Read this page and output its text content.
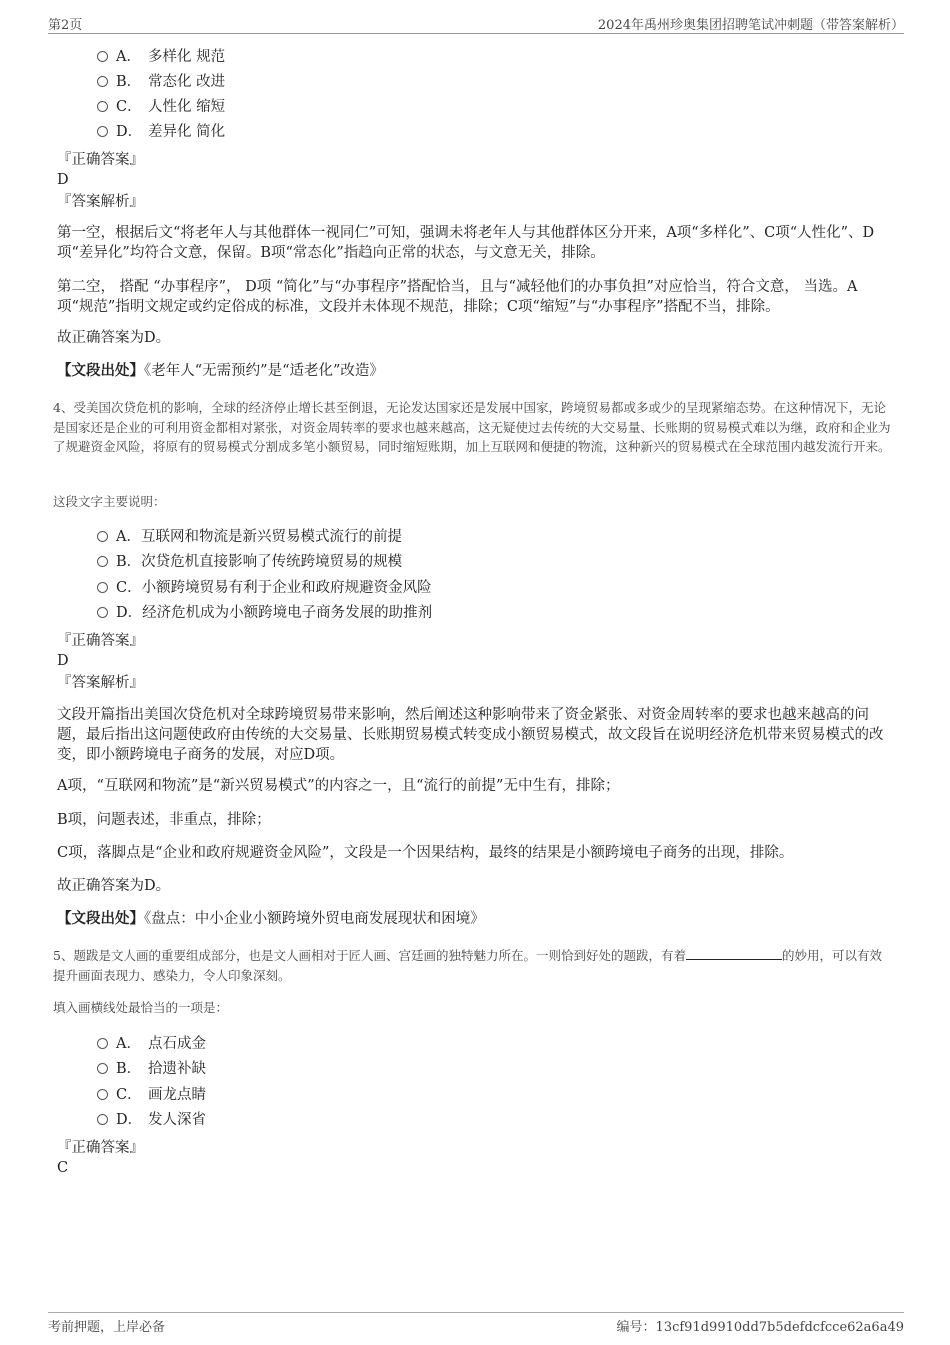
第2页	2024年禹州珍奥集团招聘笔试冲刺题（带答案解析）
A． 多样化 规范
B． 常态化 改进
C． 人性化 缩短
D． 差异化 简化
『正确答案』
D
『答案解析』
第一空，根据后文“将老年人与其他群体一视同仁”可知，强调未将老年人与其他群体区分开来，A项“多样化”、C项“人性化”、D项“差异化”均符合文意，保留。B项“常态化”指趋向正常的状态，与文意无关，排除。
第二空， 搭配 “办事程序”， D项 “简化”与“办事程序”搭配恰当，且与“减轻他们的办事负担”对应恰当，符合文意， 当选。A项“规范”指明文规定或约定俗成的标准，文段并未体现不规范，排除；C项“缩短”与“办事程序”搭配不当，排除。
故正确答案为D。
【文段出处】《老年人“无需预约”是“适老化”改造》
4、受美国次贷危机的影响，全球的经济停止增长甚至倒退，无论发达国家还是发展中国家，跨境贸易都或多或少的呈现紧缩态势。在这种情况下，无论是国家还是企业的可利用资金都相对紧张，对资金周转率的要求也越来越高，这无疑使过去传统的大交易量、长账期的贸易模式难以为继，政府和企业为了规避资金风险，将原有的贸易模式分割成多笔小额贸易，同时缩短账期，加上互联网和便捷的物流，这种新兴的贸易模式在全球范围内越发流行开来。
这段文字主要说明：
A．互联网和物流是新兴贸易模式流行的前提
B．次贷危机直接影响了传统跨境贸易的规模
C．小额跨境贸易有利于企业和政府规避资金风险
D．经济危机成为小额跨境电子商务发展的助推剂
『正确答案』
D
『答案解析』
文段开篇指出美国次贷危机对全球跨境贸易带来影响，然后阐述这种影响带来了资金紧张、对资金周转率的要求也越来越高的问题，最后指出这问题使政府由传统的大交易量、长账期贸易模式转变成小额贸易模式，故文段旨在说明经济危机带来贸易模式的改变，即小额跨境电子商务的发展，对应D项。
A项，“互联网和物流”是“新兴贸易模式”的内容之一，且“流行的前提”无中生有，排除；
B项，问题表述，非重点，排除；
C项，落脚点是“企业和政府规避资金风险”，文段是一个因果结构，最终的结果是小额跨境电子商务的出现，排除。
故正确答案为D。
【文段出处】《盘点：中小企业小额跨境外贸电商发展现状和困境》
5、题跋是文人画的重要组成部分，也是文人画相对于匠人画、宫廷画的独特魅力所在。一则恰到好处的题跋，有着	的妙用，可以有效提升画面表现力、感染力，令人印象深刻。
填入画横线处最恰当的一项是：
A． 点石成金
B． 拾遗补缺
C． 画龙点睛
D． 发人深省
『正确答案』
C
考前押题，上岸必备	编号：13cf91d9910dd7b5defdcfcce62a6a49
